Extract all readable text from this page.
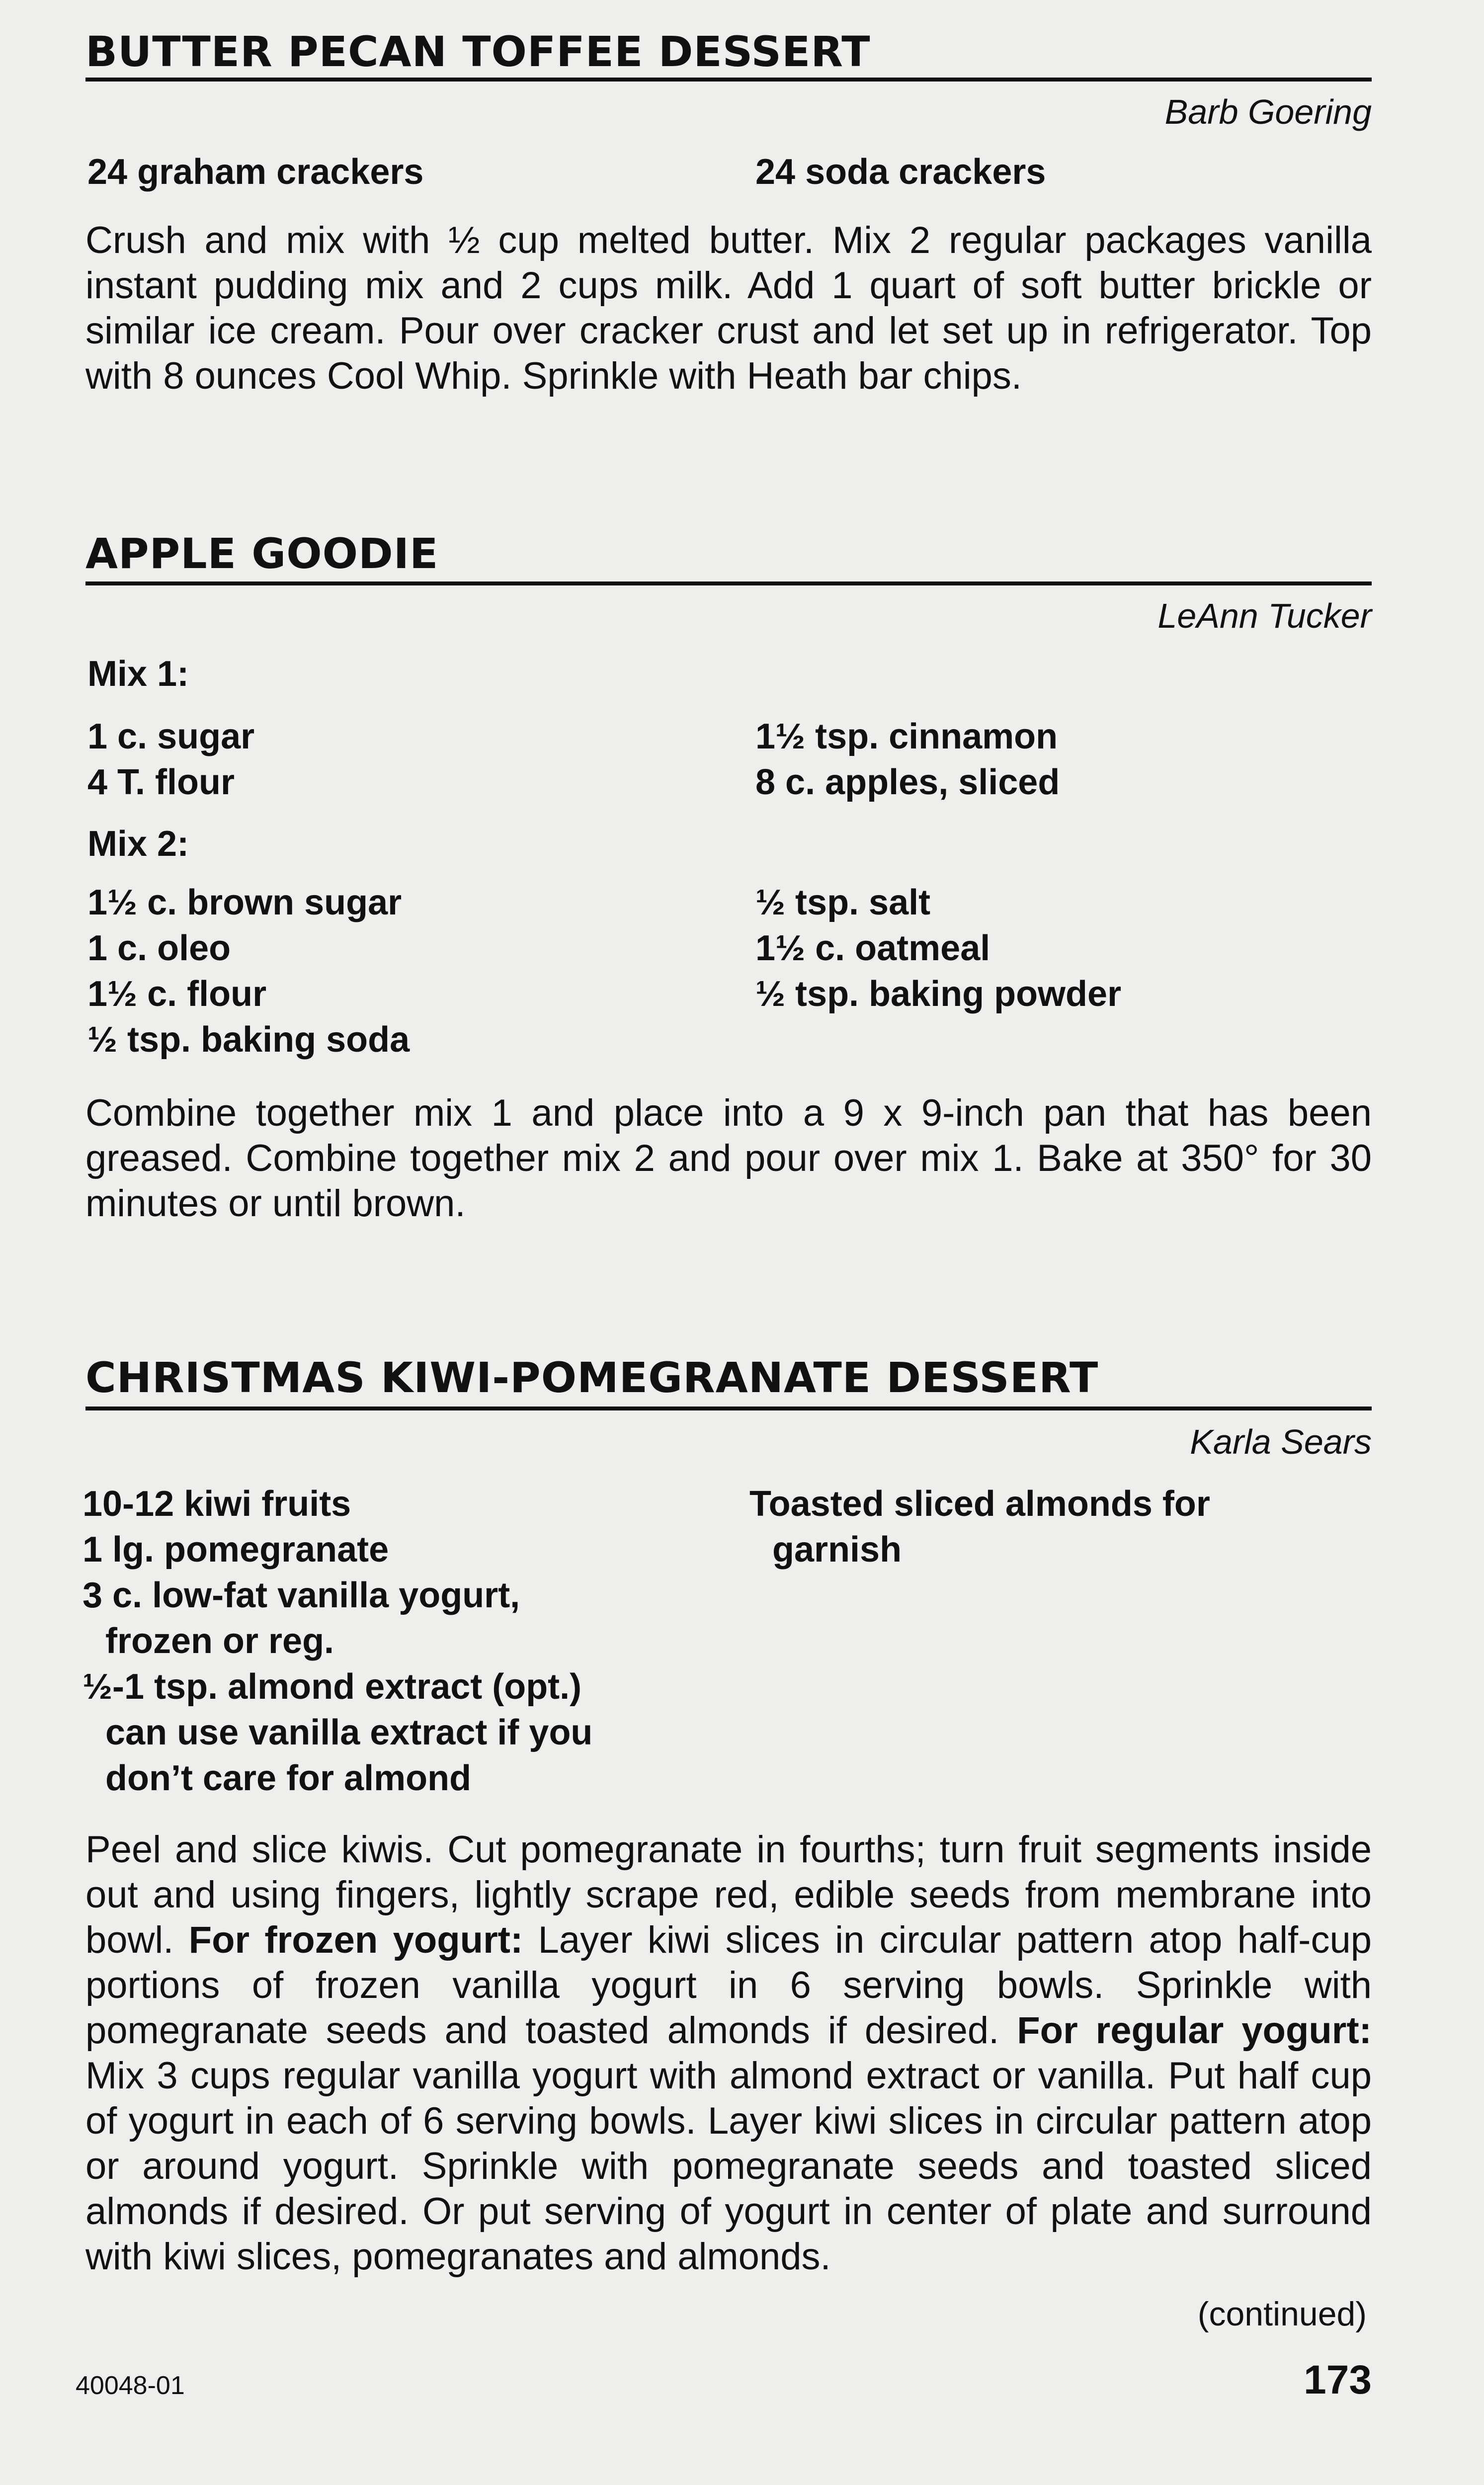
BUTTER PECAN TOFFEE DESSERT
Barb Goering
24 graham crackers	24 soda crackers
Crush and mix with ½ cup melted butter. Mix 2 regular packages vanilla instant pudding mix and 2 cups milk. Add 1 quart of soft butter brickle or similar ice cream. Pour over cracker crust and let set up in refrigerator. Top with 8 ounces Cool Whip. Sprinkle with Heath bar chips.
APPLE GOODIE
LeAnn Tucker
Mix 1:
1 c. sugar
4 T. flour
1½ tsp. cinnamon
8 c. apples, sliced
Mix 2:
1½ c. brown sugar
1 c. oleo
1½ c. flour
½ tsp. baking soda
½ tsp. salt
1½ c. oatmeal
½ tsp. baking powder
Combine together mix 1 and place into a 9 x 9-inch pan that has been greased. Combine together mix 2 and pour over mix 1. Bake at 350° for 30 minutes or until brown.
CHRISTMAS KIWI-POMEGRANATE DESSERT
Karla Sears
10-12 kiwi fruits
1 lg. pomegranate
3 c. low-fat vanilla yogurt,
frozen or reg.
½-1 tsp. almond extract (opt.)
can use vanilla extract if you
don’t care for almond
Toasted sliced almonds for
garnish
Peel and slice kiwis. Cut pomegranate in fourths; turn fruit segments inside out and using fingers, lightly scrape red, edible seeds from membrane into bowl. For frozen yogurt: Layer kiwi slices in circular pattern atop half-cup portions of frozen vanilla yogurt in 6 serving bowls. Sprinkle with pomegranate seeds and toasted almonds if desired. For regular yogurt: Mix 3 cups regular vanilla yogurt with almond extract or vanilla. Put half cup of yogurt in each of 6 serving bowls. Layer kiwi slices in circular pattern atop or around yogurt. Sprinkle with pomegranate seeds and toasted sliced almonds if desired. Or put serving of yogurt in center of plate and surround with kiwi slices, pomegranates and almonds.
(continued)
40048-01	173
